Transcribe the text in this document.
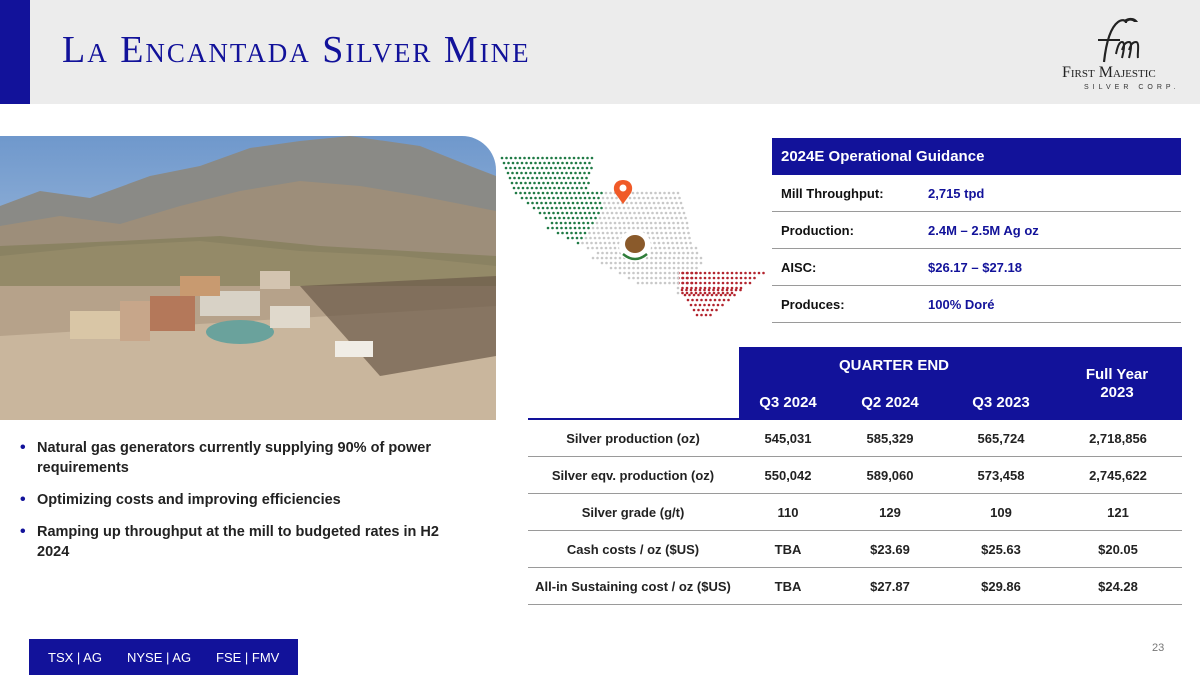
La Encantada Silver Mine
First Majestic
SILVER CORP.
• Natural gas generators currently supplying 90% of power requirements
• Optimizing costs and improving efficiencies
• Ramping up throughput at the mill to budgeted rates in H2 2024
2024E Operational Guidance
Mill Throughput:	2,715 tpd
Production:	2.4M – 2.5M Ag oz
AISC:	$26.17 – $27.18
Produces:	100% Doré
QUARTER END
Full Year 2023
Q3 2024	Q2 2024	Q3 2023
Silver production (oz)	545,031	585,329	565,724	2,718,856
Silver eqv. production (oz)	550,042	589,060	573,458	2,745,622
Silver grade (g/t)	110	129	109	121
Cash costs / oz ($US)	TBA	$23.69	$25.63	$20.05
All-in Sustaining cost / oz ($US)	TBA	$27.87	$29.86	$24.28
TSX | AG NYSE | AG FSE | FMV
23
